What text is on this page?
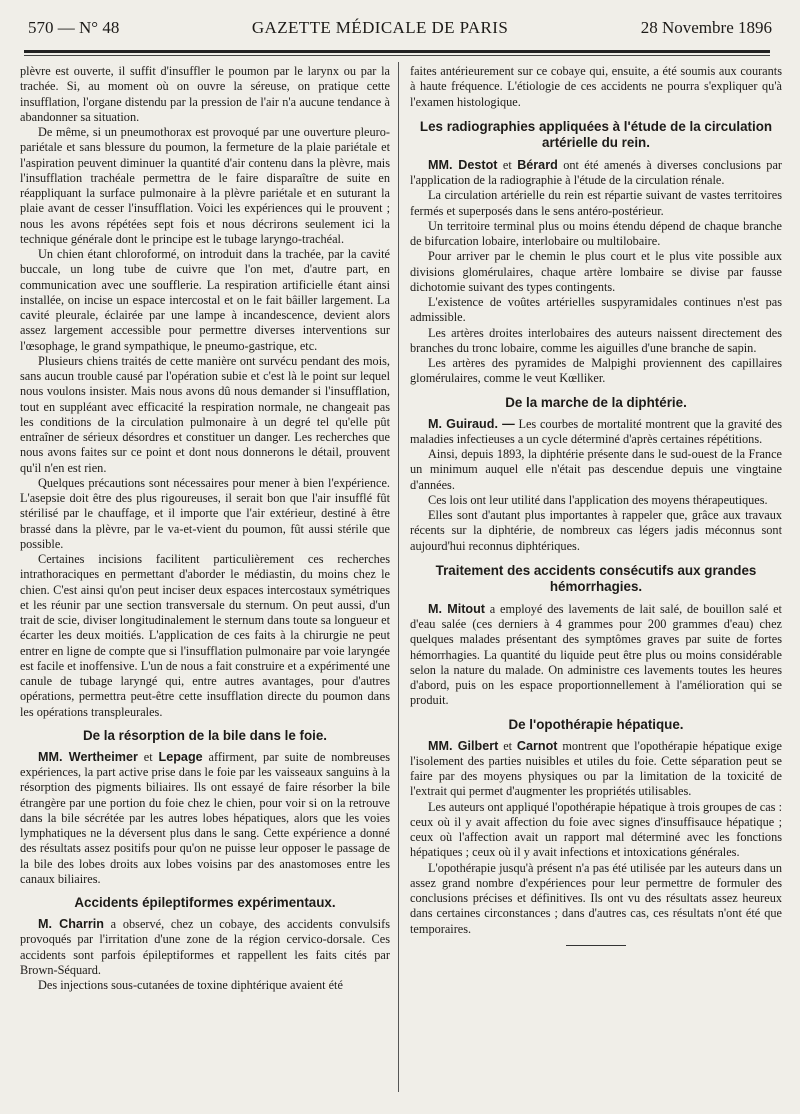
570 — N° 48	GAZETTE MÉDICALE DE PARIS	28 Novembre 1896

plèvre est ouverte, il suffit d'insuffler le poumon par le larynx ou par la trachée. Si, au moment où on ouvre la séreuse, on pratique cette insufflation, l'organe distendu par la pression de l'air n'a aucune tendance à abandonner sa situation.

De même, si un pneumothorax est provoqué par une ouverture pleuro-pariétale et sans blessure du poumon, la fermeture de la plaie pariétale et l'aspiration peuvent diminuer la quantité d'air contenu dans la plèvre, mais l'insufflation trachéale permettra de le faire disparaître de suite en réappliquant la surface pulmonaire à la plèvre pariétale et en suturant la plaie avant de cesser l'insufflation. Voici les expériences qui le prouvent ; nous les avons répétées sept fois et nous décrirons seulement ici la technique générale dont le principe est le tubage laryngo-trachéal.

Un chien étant chloroformé, on introduit dans la trachée, par la cavité buccale, un long tube de cuivre que l'on met, d'autre part, en communication avec une soufflerie. La respiration artificielle étant ainsi installée, on incise un espace intercostal et on le fait bâiller largement. La cavité pleurale, éclairée par une lampe à incandescence, devient alors assez largement accessible pour permettre diverses interventions sur l'œsophage, le grand sympathique, le pneumo-gastrique, etc.

Plusieurs chiens traités de cette manière ont survécu pendant des mois, sans aucun trouble causé par l'opération subie et c'est là le point sur lequel nous voulons insister. Mais nous avons dû nous demander si l'insufflation, tout en suppléant avec efficacité la respiration normale, ne changeait pas les conditions de la circulation pulmonaire à un degré tel qu'elle pût entraîner de sérieux désordres et constituer un danger. Les recherches que nous avons faites sur ce point et dont nous donnerons le détail, prouvent qu'il n'en est rien.

Quelques précautions sont nécessaires pour mener à bien l'expérience. L'asepsie doit être des plus rigoureuses, il serait bon que l'air insufflé fût stérilisé par le chauffage, et il importe que l'air extérieur, destiné à être brassé dans la plèvre, par le va-et-vient du poumon, fût aussi stérile que possible.

Certaines incisions facilitent particulièrement ces recherches intrathoraciques en permettant d'aborder le médiastin, du moins chez le chien. C'est ainsi qu'on peut inciser deux espaces intercostaux symétriques et les réunir par une section transversale du sternum. On peut aussi, d'un trait de scie, diviser longitudinalement le sternum dans toute sa longueur et écarter les deux moitiés. L'application de ces faits à la chirurgie ne peut entrer en ligne de compte que si l'insufflation pulmonaire par voie laryngée est facile et inoffensive. L'un de nous a fait construire et a expérimenté une canule de tubage laryngé qui, entre autres avantages, pour d'autres opérations, permettra peut-être cette insufflation directe du poumon dans les opérations transpleurales.

De la résorption de la bile dans le foie.

MM. Wertheimer et Lepage affirment, par suite de nombreuses expériences, la part active prise dans le foie par les vaisseaux sanguins à la résorption des pigments biliaires. Ils ont essayé de faire résorber la bile étrangère par une portion du foie chez le chien, pour voir si on la retrouve dans la bile sécrétée par les autres lobes hépatiques, alors que les voies lymphatiques ne la déversent plus dans le sang. Cette expérience a donné des résultats assez positifs pour qu'on ne puisse leur opposer le passage de la bile des lobes droits aux lobes voisins par des anastomoses entre les canaux biliaires.

Accidents épileptiformes expérimentaux.

M. Charrin a observé, chez un cobaye, des accidents convulsifs provoqués par l'irritation d'une zone de la région cervico-dorsale. Ces accidents sont parfois épileptiformes et rappellent les faits cités par Brown-Séquard.

Des injections sous-cutanées de toxine diphtérique avaient été

faites antérieurement sur ce cobaye qui, ensuite, a été soumis aux courants à haute fréquence. L'étiologie de ces accidents ne pourra s'expliquer qu'à l'examen histologique.

Les radiographies appliquées à l'étude de la circulation artérielle du rein.

MM. Destot et Bérard ont été amenés à diverses conclusions par l'application de la radiographie à l'étude de la circulation rénale.

La circulation artérielle du rein est répartie suivant de vastes territoires fermés et superposés dans le sens antéro-postérieur.

Un territoire terminal plus ou moins étendu dépend de chaque branche de bifurcation lobaire, interlobaire ou multilobaire.

Pour arriver par le chemin le plus court et le plus vite possible aux divisions glomérulaires, chaque artère lombaire se divise par fausse dichotomie suivant des types contingents.

L'existence de voûtes artérielles suspyramidales continues n'est pas admissible.

Les artères droites interlobaires des auteurs naissent directement des branches du tronc lobaire, comme les aiguilles d'une branche de sapin.

Les artères des pyramides de Malpighi proviennent des capillaires glomérulaires, comme le veut Kœlliker.

De la marche de la diphtérie.

M. Guiraud. — Les courbes de mortalité montrent que la gravité des maladies infectieuses a un cycle déterminé d'après certaines répétitions.

Ainsi, depuis 1893, la diphtérie présente dans le sud-ouest de la France un minimum auquel elle n'était pas descendue depuis une vingtaine d'années.

Ces lois ont leur utilité dans l'application des moyens thérapeutiques.

Elles sont d'autant plus importantes à rappeler que, grâce aux travaux récents sur la diphtérie, de nombreux cas légers jadis méconnus sont aujourd'hui reconnus diphtériques.

Traitement des accidents consécutifs aux grandes hémorrhagies.

M. Mitout a employé des lavements de lait salé, de bouillon salé et d'eau salée (ces derniers à 4 grammes pour 200 grammes d'eau) chez quelques malades présentant des symptômes graves par suite de fortes hémorrhagies. La quantité du liquide peut être plus ou moins considérable selon la nature du malade. On administre ces lavements toutes les heures d'abord, puis on les espace proportionnellement à l'amélioration qui se produit.

De l'opothérapie hépatique.

MM. Gilbert et Carnot montrent que l'opothérapie hépatique exige l'isolement des parties nuisibles et utiles du foie. Cette séparation peut se faire par des moyens physiques ou par la limitation de la toxicité de l'extrait qui permet d'augmenter les propriétés utilisables.

Les auteurs ont appliqué l'opothérapie hépatique à trois groupes de cas : ceux où il y avait affection du foie avec signes d'insuffisauce hépatique ; ceux où l'affection avait un rapport mal déterminé avec les fonctions hépatiques ; ceux où il y avait infections et intoxications générales.

L'opothérapie jusqu'à présent n'a pas été utilisée par les auteurs dans un assez grand nombre d'expériences pour leur permettre de formuler des conclusions précises et définitives. Ils ont vu des résultats assez heureux dans certaines circonstances ; dans d'autres cas, ces résultats n'ont été que temporaires.
